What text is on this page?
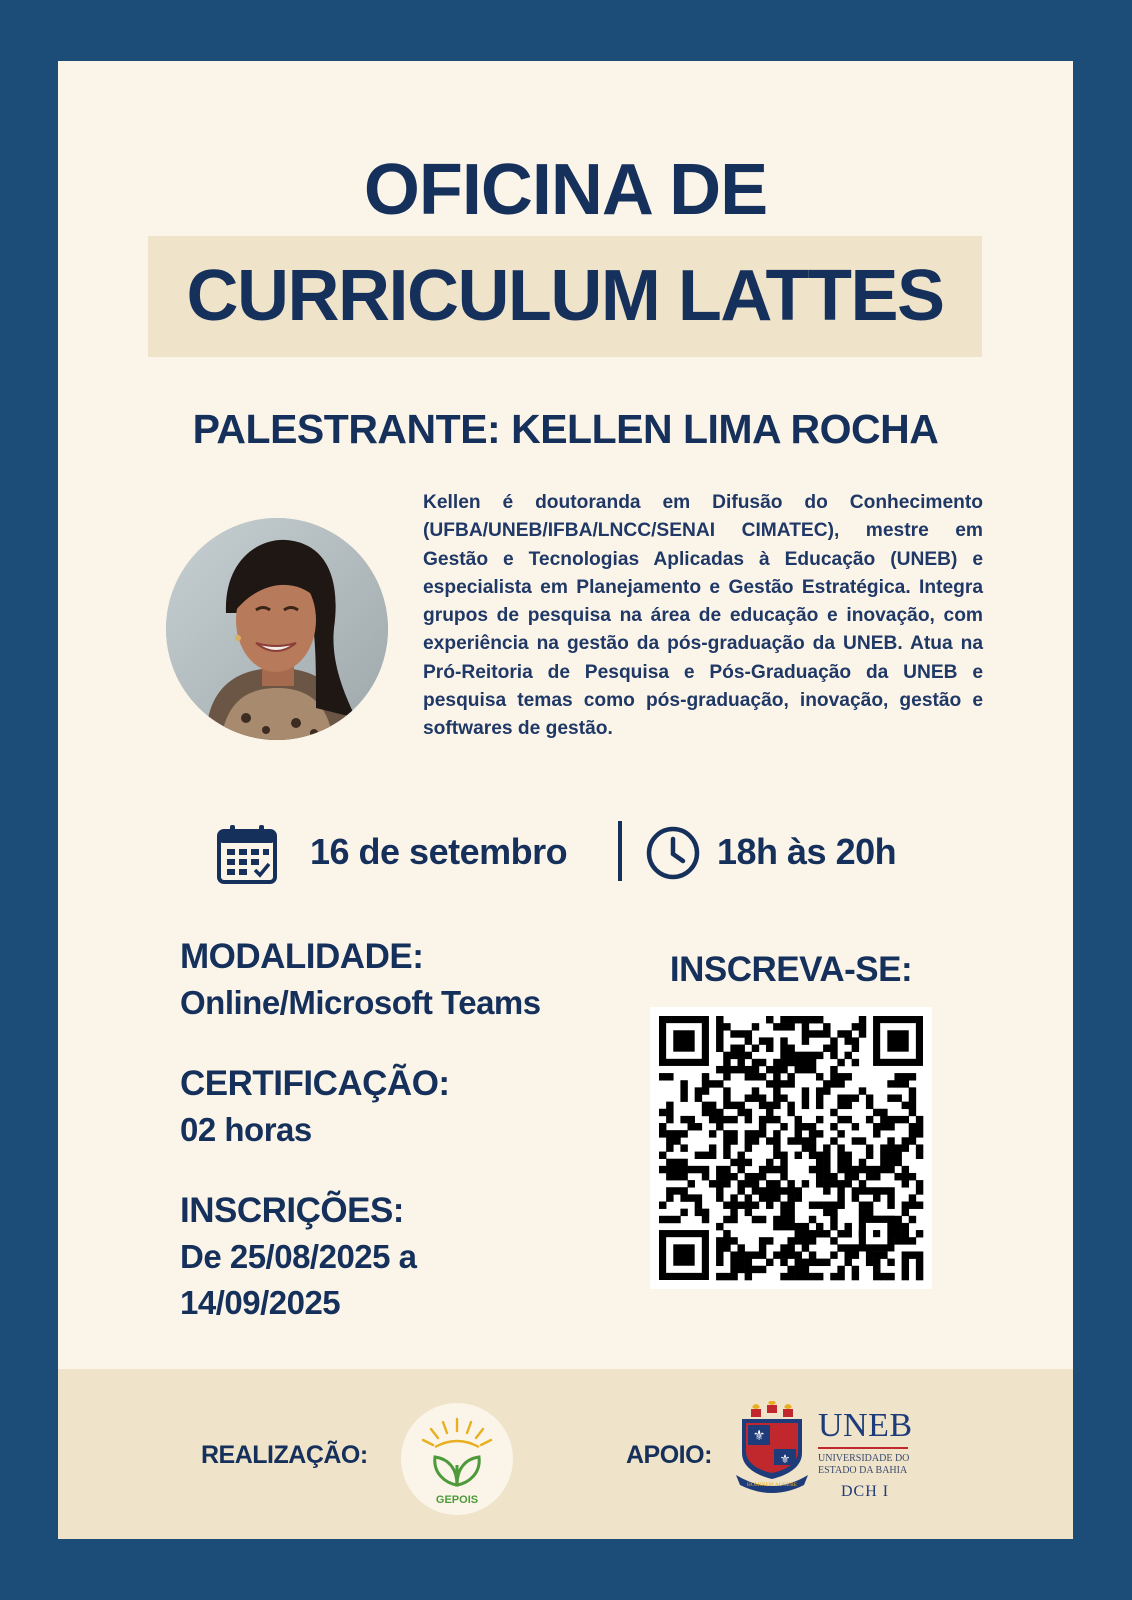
OFICINA DE
CURRICULUM LATTES
PALESTRANTE: KELLEN LIMA ROCHA

Kellen é doutoranda em Difusão do Conhecimento (UFBA/UNEB/IFBA/LNCC/SENAI CIMATEC), mestre em Gestão e Tecnologias Aplicadas à Educação (UNEB) e especialista em Planejamento e Gestão Estratégica. Integra grupos de pesquisa na área de educação e inovação, com experiência na gestão da pós-graduação da UNEB. Atua na Pró-Reitoria de Pesquisa e Pós-Graduação da UNEB e pesquisa temas como pós-graduação, inovação, gestão e softwares de gestão.

16 de setembro	18h às 20h
MODALIDADE:
Online/Microsoft Teams
CERTIFICAÇÃO:
02 horas
INSCRIÇÕES:
De 25/08/2025 a
14/09/2025
INSCREVA-SE:
REALIZAÇÃO:
GEPOIS
APOIO:
⚜
⚜
HOMINEM AUGERE
UNEB
UNIVERSIDADE DO
ESTADO DA BAHIA
DCH I
